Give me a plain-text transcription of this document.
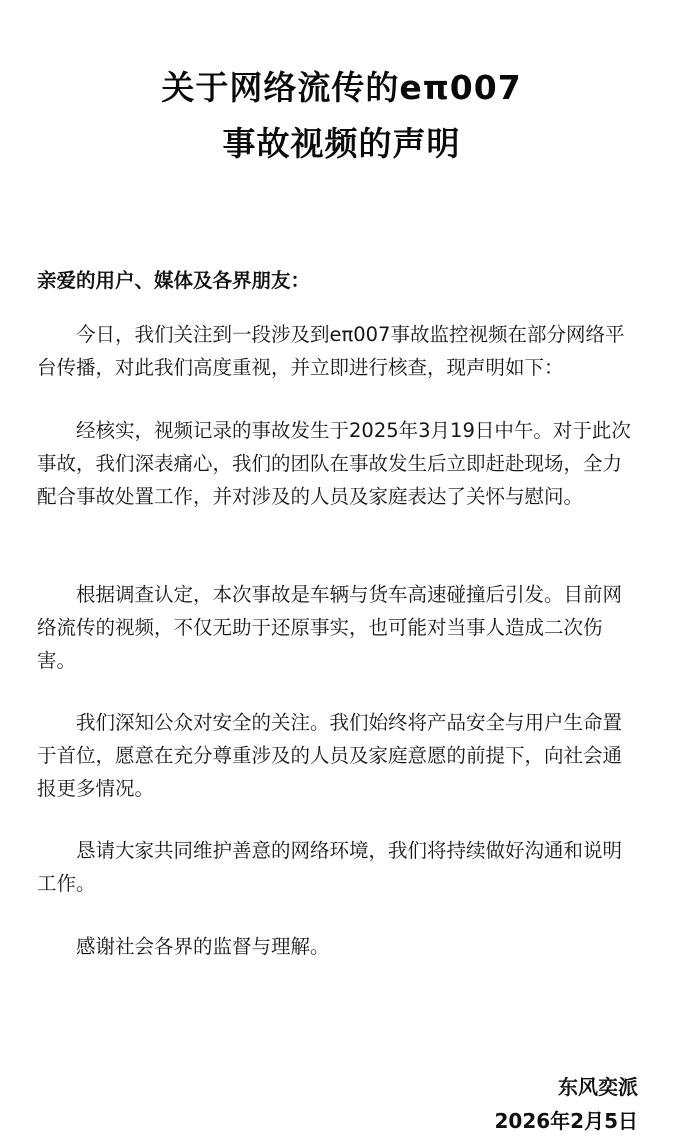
关于网络流传的eπ007
事故视频的声明
亲爱的用户、媒体及各界朋友：

今日，我们关注到一段涉及到eπ007事故监控视频在部分网络平台传播，对此我们高度重视，并立即进行核查，现声明如下：

经核实，视频记录的事故发生于2025年3月19日中午。对于此次事故，我们深表痛心，我们的团队在事故发生后立即赶赴现场，全力配合事故处置工作，并对涉及的人员及家庭表达了关怀与慰问。

根据调查认定，本次事故是车辆与货车高速碰撞后引发。目前网络流传的视频，不仅无助于还原事实，也可能对当事人造成二次伤害。

我们深知公众对安全的关注。我们始终将产品安全与用户生命置于首位，愿意在充分尊重涉及的人员及家庭意愿的前提下，向社会通报更多情况。

恳请大家共同维护善意的网络环境，我们将持续做好沟通和说明工作。

感谢社会各界的监督与理解。

东风奕派
2026年2月5日
